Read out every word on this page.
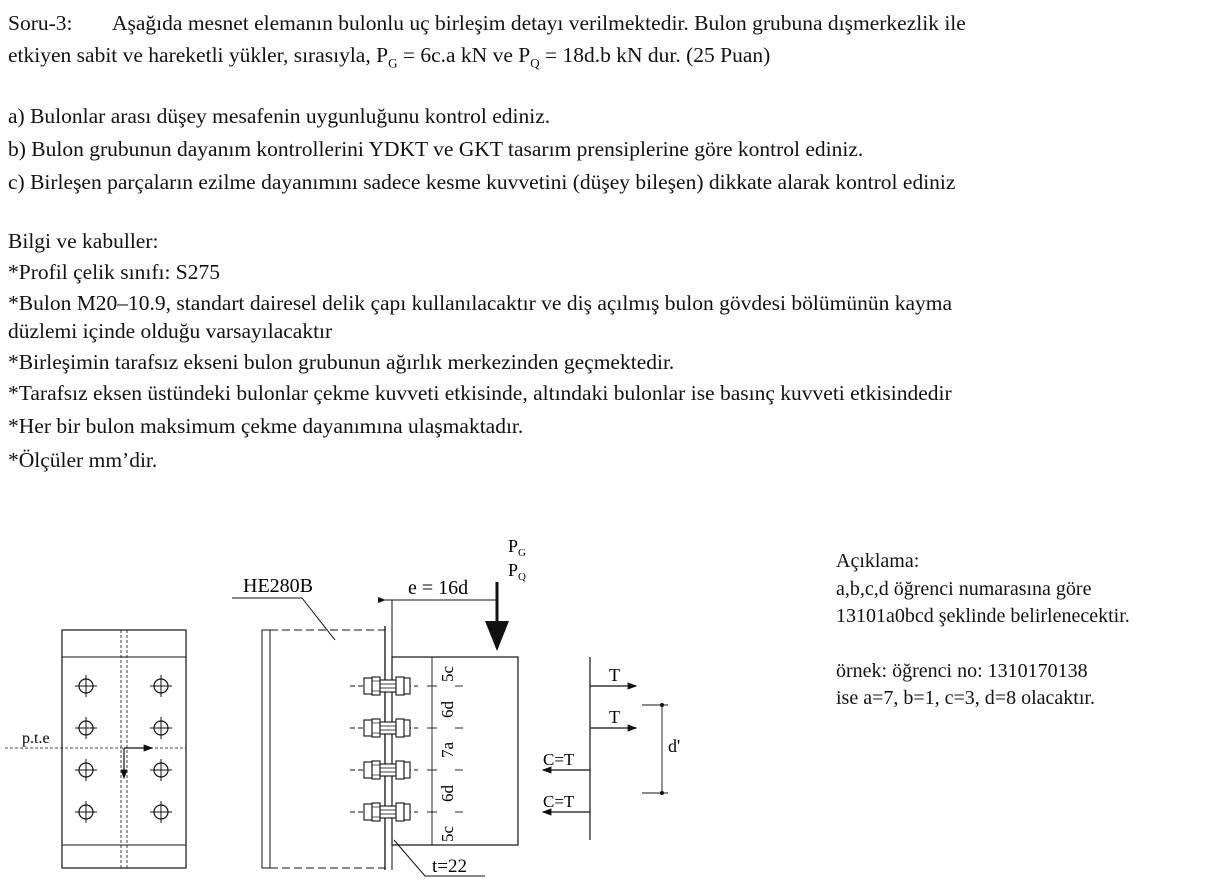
Soru-3: Aşağıda mesnet elemanın bulonlu uç birleşim detayı verilmektedir. Bulon grubuna dışmerkezlik ile
etkiyen sabit ve hareketli yükler, sırasıyla, $P_G = 6c.a$ kN ve $P_Q = 18d.b$ kN dur. (25 Puan)
a) Bulonlar arası düşey mesafenin uygunluğunu kontrol ediniz.
b) Bulon grubunun dayanım kontrollerini YDKT ve GKT tasarım prensiplerine göre kontrol ediniz.
c) Birleşen parçaların ezilme dayanımını sadece kesme kuvvetini (düşey bileşen) dikkate alarak kontrol ediniz
Bilgi ve kabuller:
*Profil çelik sınıfı: S275
*Bulon M20–10.9, standart dairesel delik çapı kullanılacaktır ve diş açılmış bulon gövdesi bölümünün kayma
düzlemi içinde olduğu varsayılacaktır
*Birleşimin tarafsız ekseni bulon grubunun ağırlık merkezinden geçmektedir.
*Tarafsız eksen üstündeki bulonlar çekme kuvveti etkisinde, altındaki bulonlar ise basınç kuvveti etkisindedir
*Her bir bulon maksimum çekme dayanımına ulaşmaktadır.
*Ölçüler mm’dir.
Açıklama:
a,b,c,d öğrenci numarasına göre
13101a0bcd şeklinde belirlenecektir.
örnek: öğrenci no: 1310170138
ise a=7, b=1, c=3, d=8 olacaktır.
p.t.e
HE280B
5c
6d
7a
6d
5c
e = 16d
$P_G$
$P_Q$
t=22
T
T
C=T
C=T
d'
